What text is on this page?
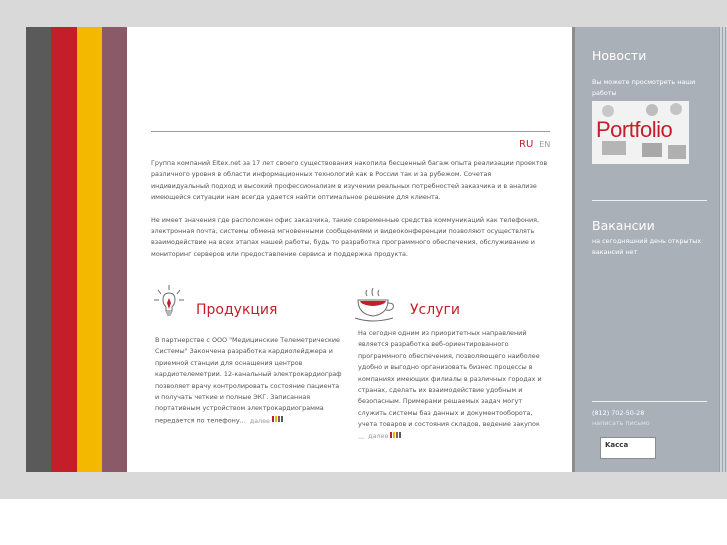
RU EN

Группа компаний Eltex.net за 17 лет своего существования накопила бесценный багаж опыта реализации проектов различного уровня в области информационных технологий как в России так и за рубежом. Сочетая индивидуальный подход и высокий профессионализм в изучении реальных потребностей заказчика и в анализе имеющейся ситуации нам всегда удается найти оптимальное решение для клиента.

Не имеет значения где расположен офис заказчика, такие современные средства коммуникаций как телефония, электронная почта, системы обмена мгновенными сообщениями и видеоконференции позволяют осуществлять взаимодействие на всех этапах нашей работы, будь то разработка программного обеспечения, обслуживание и мониторинг серверов или предоставление сервиса и поддержка продукта.

Продукция
В партнерстве с ООО "Медицинские Телеметрические Системы" Закончена разработка кардиолейджера и приемной станции для оснащения центров кардиотелеметрии. 12-канальный электрокардиограф позволяет врачу контролировать состояние пациента и получать четкие и полные ЭКГ. Записанная портативным устройством электрокардиограмма передается по телефону... далее
Услуги
На сегодня одним из приоритетных направлений является разработка веб-ориентированного программного обеспечения, позволяющего наиболее удобно и выгодно организовать бизнес процессы в компаниях имеющих филиалы в различных городах и странах, сделать их взаимодействие удобным и безопасным. Примерами решаемых задач могут служить системы баз данных и документооборота, учета товаров и состояния складов, ведение закупок ... далее
Новости
Вы можете просмотреть наши работы
Portfolio
Вакансии
на сегодняшний день открытых вакансий нет
(812) 702-50-28
написать письмо
Kасса
